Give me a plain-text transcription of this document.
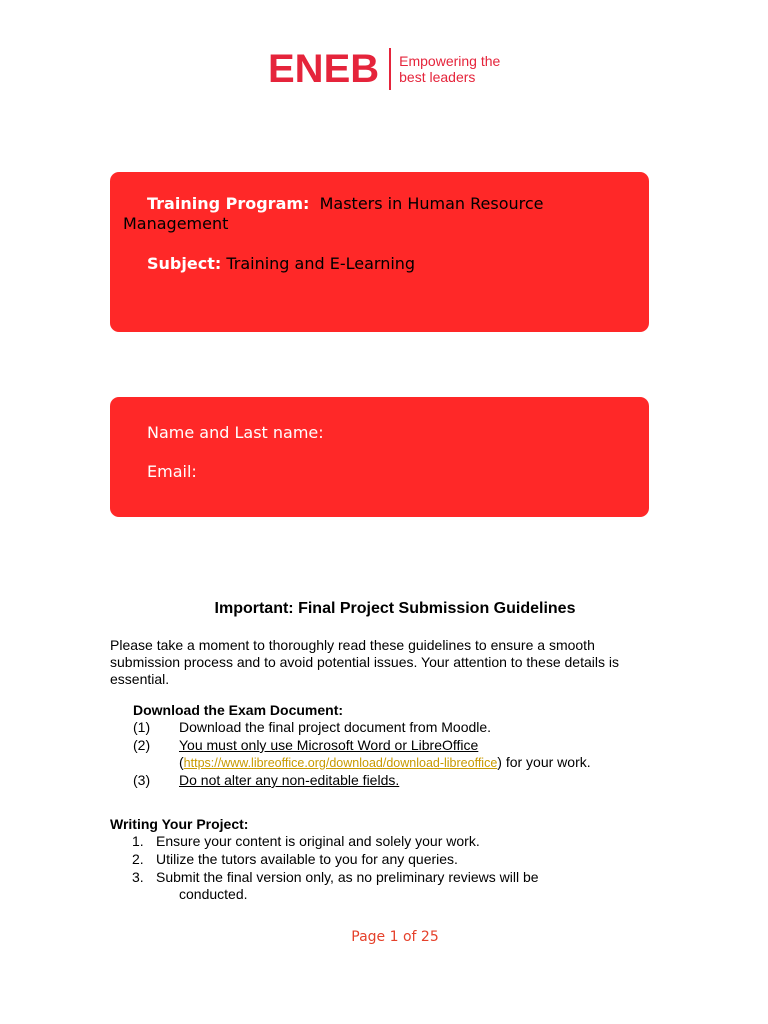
ENEB Empowering the
best leaders
Training Program: Masters in Human Resource Management
Subject: Training and E-Learning
Name and Last name:
Email:
Important: Final Project Submission Guidelines
Please take a moment to thoroughly read these guidelines to ensure a smooth submission process and to avoid potential issues. Your attention to these details is essential.
Download the Exam Document:
(1) Download the final project document from Moodle.
(2) You must only use Microsoft Word or LibreOffice
(https://www.libreoffice.org/download/download-libreoffice) for your work.
(3) Do not alter any non-editable fields.
Writing Your Project:
1. Ensure your content is original and solely your work.
2. Utilize the tutors available to you for any queries.
3. Submit the final version only, as no preliminary reviews will be
conducted.
Page 1 of 25
